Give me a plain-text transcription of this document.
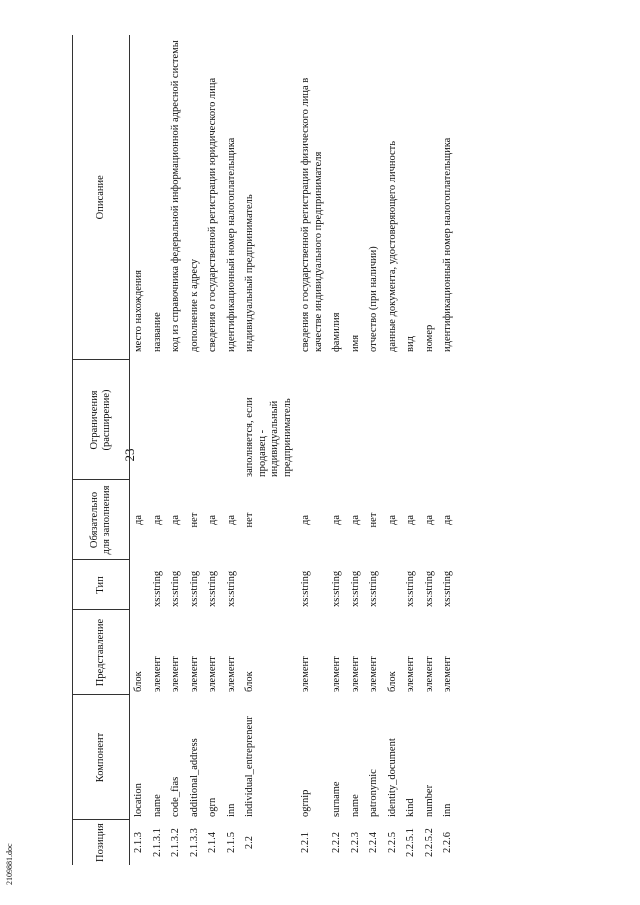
23
Позиция	Компонент	Представление	Тип	Обязательно для заполнения	Ограничения (расширение)	Описание
2.1.3	location	блок		да		место нахождения
2.1.3.1	name	элемент	xs:string	да		название
2.1.3.2	code_fias	элемент	xs:string	да		код из справочника федеральной информационной адресной системы
2.1.3.3	additional_address	элемент	xs:string	нет		дополнение к адресу
2.1.4	ogrn	элемент	xs:string	да		сведения о государственной регистрации юридического лица
2.1.5	inn	элемент	xs:string	да		идентификационный номер налогоплательщика
2.2	individual_entrepreneur	блок		нет	заполняется, если продавец - индивидуальный предприниматель	индивидуальный предприниматель
2.2.1	ogrnip	элемент	xs:string	да		сведения о государственной регистрации физического лица в качестве индивидуального предпринимателя
2.2.2	surname	элемент	xs:string	да		фамилия
2.2.3	name	элемент	xs:string	да		имя
2.2.4	patronymic	элемент	xs:string	нет		отчество (при наличии)
2.2.5	identity_document	блок		да		данные документа, удостоверяющего личность
2.2.5.1	kind	элемент	xs:string	да		вид
2.2.5.2	number	элемент	xs:string	да		номер
2.2.6	inn	элемент	xs:string	да		идентификационный номер налогоплательщика
2109881.doc
